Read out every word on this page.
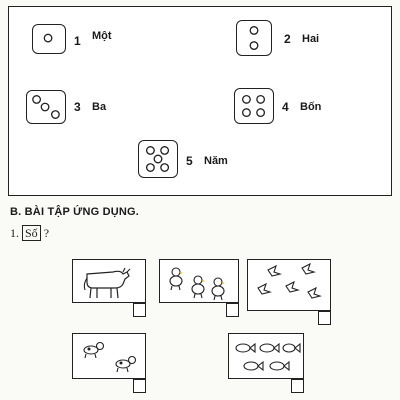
1 Một	2 Hai
3 Ba	4 Bốn
5 Năm
B. BÀI TẬP ỨNG DỤNG.
1. Số ?
